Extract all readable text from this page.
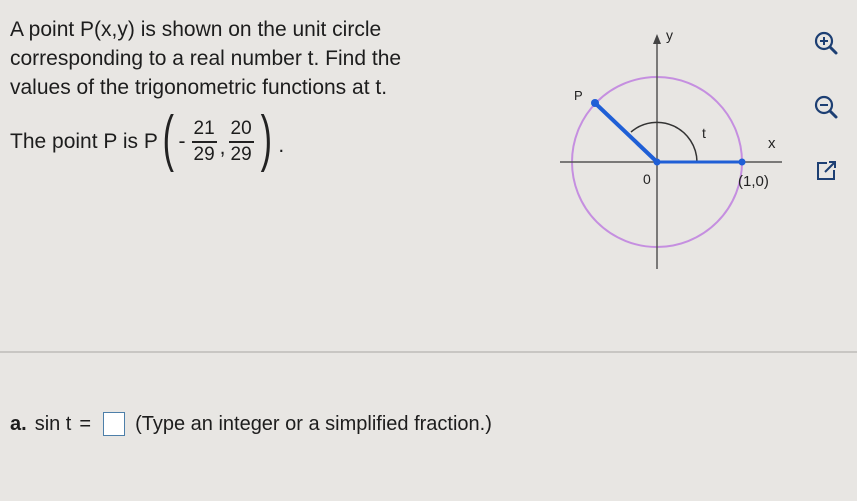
A point P(x,y) is shown on the unit circle

corresponding to a real number t. Find the

values of the trigonometric functions at t.

The point P is P ( - $\frac{21}{29}$ , $\frac{20}{29}$ ) .
y
x
P
0
t
(1,0)
a. sin t = (Type an integer or a simplified fraction.)
